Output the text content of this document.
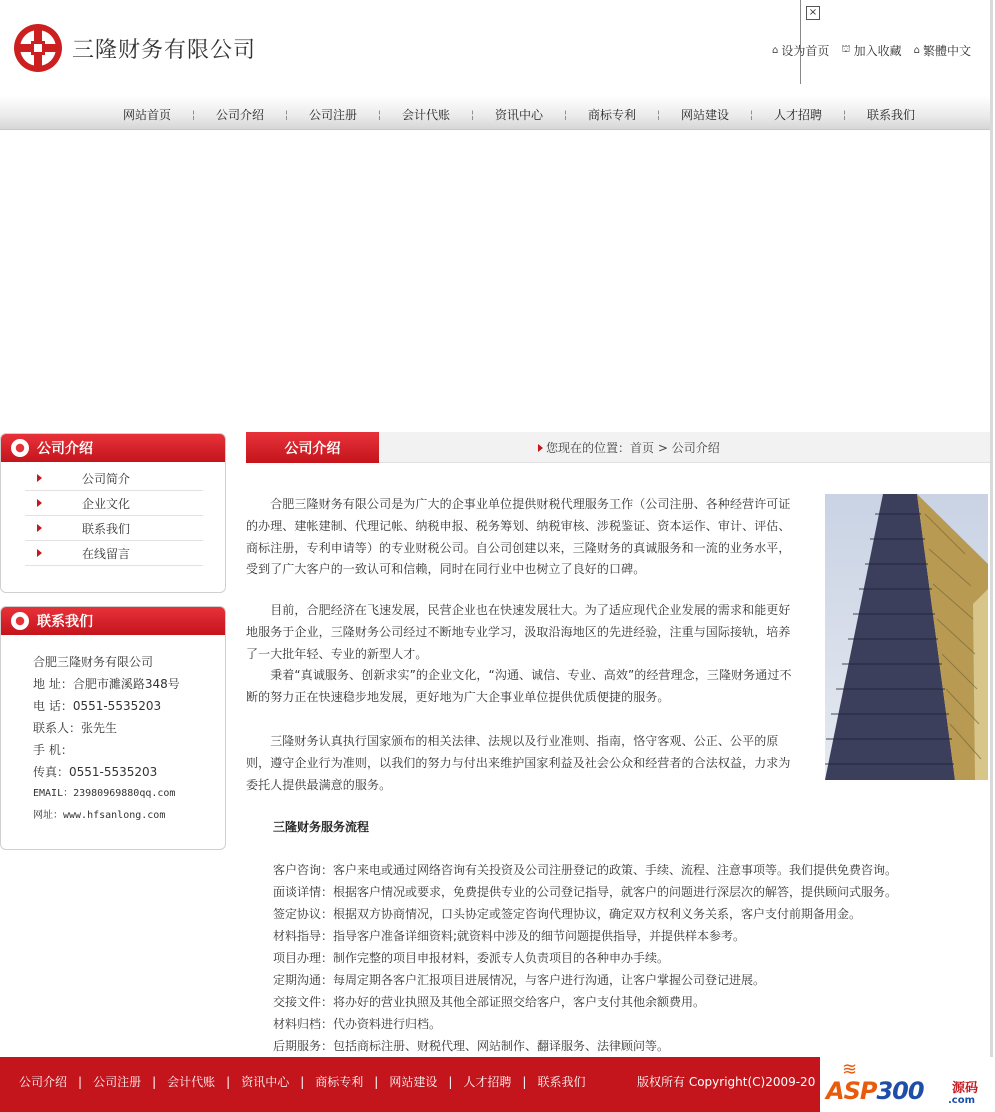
三隆财务有限公司
×
⌂ 设为首页 ⛫ 加入收藏 ⌂ 繁體中文
网站首页	¦	公司介绍	¦	公司注册	¦	会计代账	¦	资讯中心	¦	商标专利	¦	网站建设	¦	人才招聘	¦	联系我们
公司介绍
公司简介
企业文化
联系我们
在线留言
联系我们
合肥三隆财务有限公司
地 址：合肥市濉溪路348号
电 话：0551-5535203
联系人：张先生
手 机：
传真：0551-5535203
EMAIL：23980969880qq.com
网址：www.hfsanlong.com
公司介绍	您现在的位置： 首页 > 公司介绍
　　合肥三隆财务有限公司是为广大的企事业单位提供财税代理服务工作（公司注册、各种经营许可证的办理、建帐建制、代理记帐、纳税申报、税务筹划、纳税审核、涉税鉴证、资本运作、审计、评估、商标注册，专利申请等）的专业财税公司。自公司创建以来，三隆财务的真诚服务和一流的业务水平，受到了广大客户的一致认可和信赖，同时在同行业中也树立了良好的口碑。
　　目前，合肥经济在飞速发展，民营企业也在快速发展壮大。为了适应现代企业发展的需求和能更好地服务于企业，三隆财务公司经过不断地专业学习，汲取沿海地区的先进经验，注重与国际接轨，培养了一大批年轻、专业的新型人才。
　　秉着“真诚服务、创新求实”的企业文化，“沟通、诚信、专业、高效”的经营理念，三隆财务通过不断的努力正在快速稳步地发展，更好地为广大企事业单位提供优质便捷的服务。
　　三隆财务认真执行国家颁布的相关法律、法规以及行业准则、指南，恪守客观、公正、公平的原则，遵守企业行为准则，以我们的努力与付出来维护国家利益及社会公众和经营者的合法权益，力求为委托人提供最满意的服务。
三隆财务服务流程
客户咨询：客户来电或通过网络咨询有关投资及公司注册登记的政策、手续、流程、注意事项等。我们提供免费咨询。
面谈详情：根据客户情况或要求，免费提供专业的公司登记指导，就客户的问题进行深层次的解答，提供顾问式服务。
签定协议：根据双方协商情况，口头协定或签定咨询代理协议，确定双方权利义务关系，客户支付前期备用金。
材料指导：指导客户准备详细资料;就资料中涉及的细节问题提供指导，并提供样本参考。
项目办理：制作完整的项目申报材料，委派专人负责项目的各种申办手续。
定期沟通：每周定期各客户汇报项目进展情况，与客户进行沟通，让客户掌握公司登记进展。
交接文件：将办好的营业执照及其他全部证照交给客户，客户支付其他余额费用。
材料归档：代办资料进行归档。
后期服务：包括商标注册、财税代理、网站制作、翻译服务、法律顾问等。
公司介绍 | 公司注册 | 会计代账 | 资讯中心 | 商标专利 | 网站建设 | 人才招聘 | 联系我们	版权所有 Copyright(C)2009-20
≋
ASP300 源码
.com
